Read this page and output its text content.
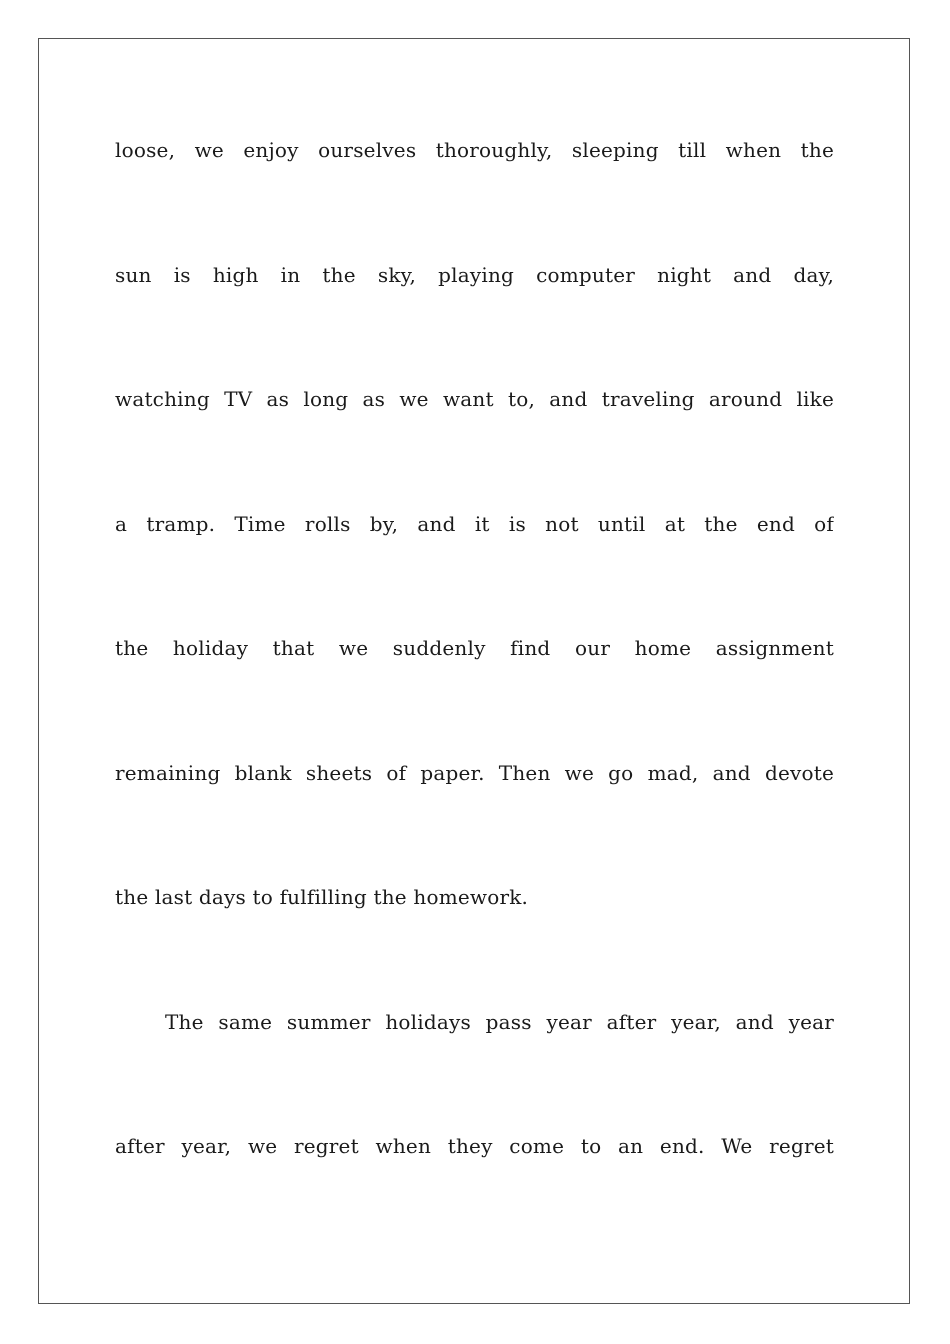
loose, we enjoy ourselves thoroughly, sleeping till when the
sun is high in the sky, playing computer night and day,
watching TV as long as we want to, and traveling around like
a tramp. Time rolls by, and it is not until at the end of
the holiday that we suddenly find our home assignment
remaining blank sheets of paper. Then we go mad, and devote
the last days to fulfilling the homework.
The same summer holidays pass year after year, and year
after year, we regret when they come to an end. We regret
